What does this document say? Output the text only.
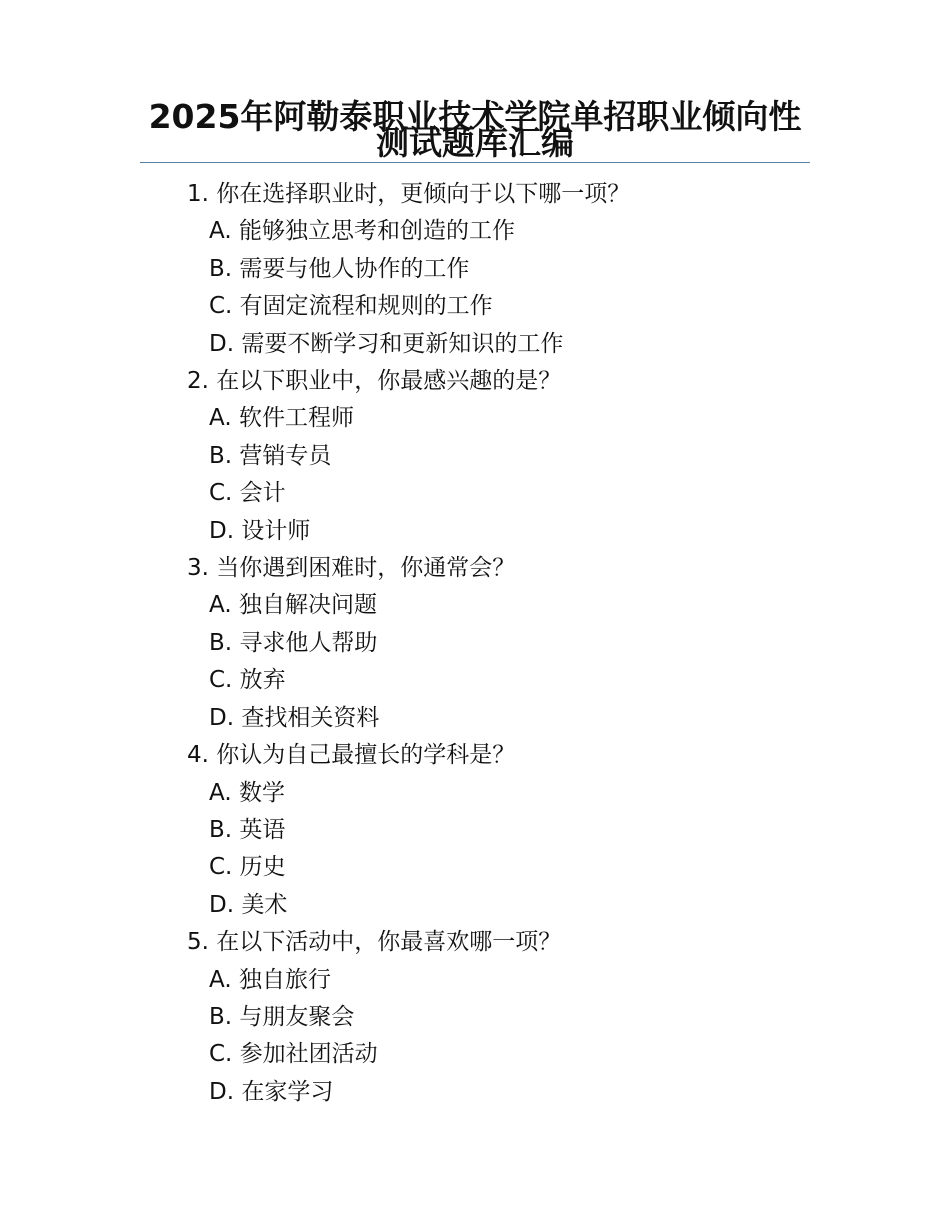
2025年阿勒泰职业技术学院单招职业倾向性测试题库汇编
1. 你在选择职业时，更倾向于以下哪一项？
A. 能够独立思考和创造的工作
B. 需要与他人协作的工作
C. 有固定流程和规则的工作
D. 需要不断学习和更新知识的工作
2. 在以下职业中，你最感兴趣的是？
A. 软件工程师
B. 营销专员
C. 会计
D. 设计师
3. 当你遇到困难时，你通常会？
A. 独自解决问题
B. 寻求他人帮助
C. 放弃
D. 查找相关资料
4. 你认为自己最擅长的学科是？
A. 数学
B. 英语
C. 历史
D. 美术
5. 在以下活动中，你最喜欢哪一项？
A. 独自旅行
B. 与朋友聚会
C. 参加社团活动
D. 在家学习
